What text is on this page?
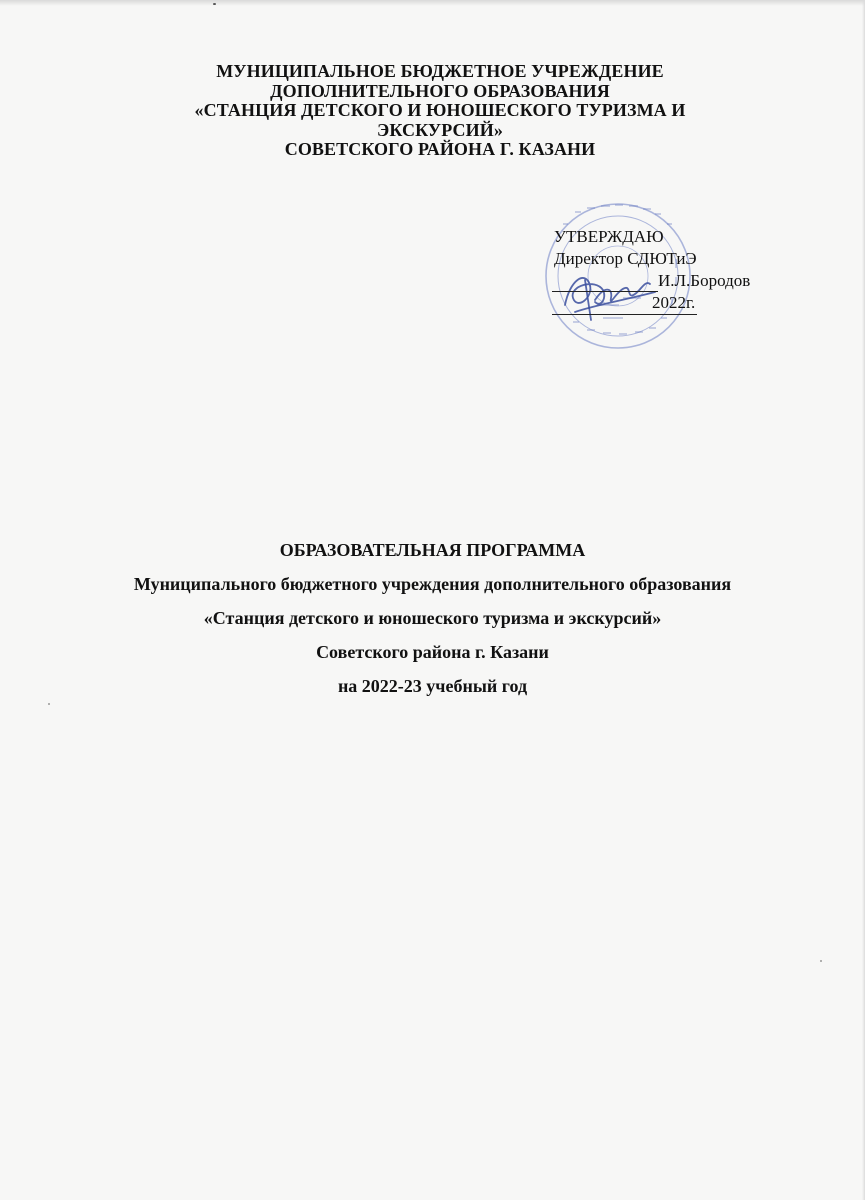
МУНИЦИПАЛЬНОЕ БЮДЖЕТНОЕ УЧРЕЖДЕНИЕ
ДОПОЛНИТЕЛЬНОГО ОБРАЗОВАНИЯ
«СТАНЦИЯ ДЕТСКОГО И ЮНОШЕСКОГО ТУРИЗМА И
ЭКСКУРСИЙ»
СОВЕТСКОГО РАЙОНА Г. КАЗАНИ
УТВЕРЖДАЮ
Директор СДЮТиЭ
И.Л.Бородов
2022г.
ОБРАЗОВАТЕЛЬНАЯ ПРОГРАММА
Муниципального бюджетного учреждения дополнительного образования
«Станция детского и юношеского туризма и экскурсий»
Советского района г. Казани
на 2022-23 учебный год
